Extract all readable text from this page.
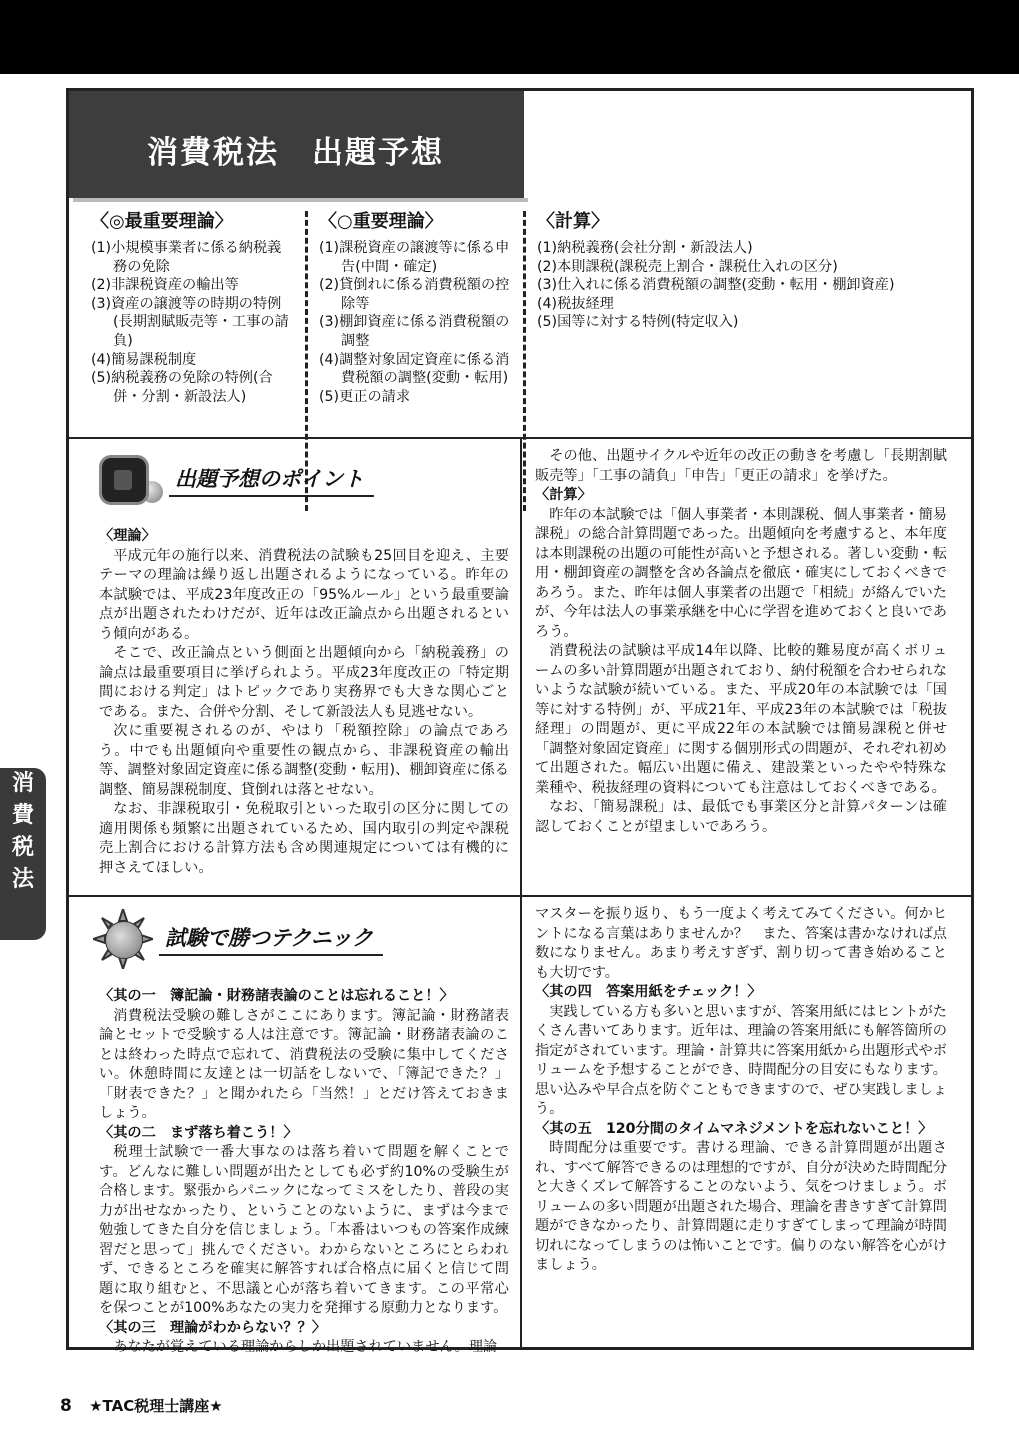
消費税法　出題予想
〈◎最重要理論〉
(1)小規模事業者に係る納税義務の免除
(2)非課税資産の輸出等
(3)資産の譲渡等の時期の特例(長期割賦販売等・工事の請負)
(4)簡易課税制度
(5)納税義務の免除の特例(合併・分割・新設法人)
〈○重要理論〉
(1)課税資産の譲渡等に係る申告(中間・確定)
(2)貸倒れに係る消費税額の控除等
(3)棚卸資産に係る消費税額の調整
(4)調整対象固定資産に係る消費税額の調整(変動・転用)
(5)更正の請求
〈計算〉
(1)納税義務(会社分割・新設法人)
(2)本則課税(課税売上割合・課税仕入れの区分)
(3)仕入れに係る消費税額の調整(変動・転用・棚卸資産)
(4)税抜経理
(5)国等に対する特例(特定収入)
出題予想のポイント

〈理論〉

平成元年の施行以来、消費税法の試験も25回目を迎え、主要テーマの理論は繰り返し出題されるようになっている。昨年の本試験では、平成23年度改正の「95%ルール」という最重要論点が出題されたわけだが、近年は改正論点から出題されるという傾向がある。

そこで、改正論点という側面と出題傾向から「納税義務」の論点は最重要項目に挙げられよう。平成23年度改正の「特定期間における判定」はトピックであり実務界でも大きな関心ごとである。また、合併や分割、そして新設法人も見逃せない。

次に重要視されるのが、やはり「税額控除」の論点であろう。中でも出題傾向や重要性の観点から、非課税資産の輸出等、調整対象固定資産に係る調整(変動・転用)、棚卸資産に係る調整、簡易課税制度、貸倒れは落とせない。

なお、非課税取引・免税取引といった取引の区分に関しての適用関係も頻繁に出題されているため、国内取引の判定や課税売上割合における計算方法も含め関連規定については有機的に押さえてほしい。

その他、出題サイクルや近年の改正の動きを考慮し「長期割賦販売等」「工事の請負」「申告」「更正の請求」を挙げた。

〈計算〉

昨年の本試験では「個人事業者・本則課税、個人事業者・簡易課税」の総合計算問題であった。出題傾向を考慮すると、本年度は本則課税の出題の可能性が高いと予想される。著しい変動・転用・棚卸資産の調整を含め各論点を徹底・確実にしておくべきであろう。また、昨年は個人事業者の出題で「相続」が絡んでいたが、今年は法人の事業承継を中心に学習を進めておくと良いであろう。

消費税法の試験は平成14年以降、比較的難易度が高くボリュームの多い計算問題が出題されており、納付税額を合わせられないような試験が続いている。また、平成20年の本試験では「国等に対する特例」が、平成21年、平成23年の本試験では「税抜経理」の問題が、更に平成22年の本試験では簡易課税と併せ「調整対象固定資産」に関する個別形式の問題が、それぞれ初めて出題された。幅広い出題に備え、建設業といったやや特殊な業種や、税抜経理の資料についても注意はしておくべきである。

なお、「簡易課税」は、最低でも事業区分と計算パターンは確認しておくことが望ましいであろう。

試験で勝つテクニック

〈其の一　簿記論・財務諸表論のことは忘れること！〉

消費税法受験の難しさがここにあります。簿記論・財務諸表論とセットで受験する人は注意です。簿記論・財務諸表論のことは終わった時点で忘れて、消費税法の受験に集中してください。休憩時間に友達とは一切話をしないで、「簿記できた？」「財表できた？」と聞かれたら「当然！」とだけ答えておきましょう。

〈其の二　まず落ち着こう！〉

税理士試験で一番大事なのは落ち着いて問題を解くことです。どんなに難しい問題が出たとしても必ず約10%の受験生が合格します。緊張からパニックになってミスをしたり、普段の実力が出せなかったり、ということのないように、まずは今まで勉強してきた自分を信じましょう。「本番はいつもの答案作成練習だと思って」挑んでください。わからないところにとらわれず、できるところを確実に解答すれば合格点に届くと信じて問題に取り組むと、不思議と心が落ち着いてきます。この平常心を保つことが100%あなたの実力を発揮する原動力となります。

〈其の三　理論がわからない？？〉

あなたが覚えている理論からしか出題されていません。理論

マスターを振り返り、もう一度よく考えてみてください。何かヒントになる言葉はありませんか？　また、答案は書かなければ点数になりません。あまり考えすぎず、割り切って書き始めることも大切です。

〈其の四　答案用紙をチェック！〉

実践している方も多いと思いますが、答案用紙にはヒントがたくさん書いてあります。近年は、理論の答案用紙にも解答箇所の指定がされています。理論・計算共に答案用紙から出題形式やボリュームを予想することができ、時間配分の目安にもなります。思い込みや早合点を防ぐこともできますので、ぜひ実践しましょう。

〈其の五　120分間のタイムマネジメントを忘れないこと！〉

時間配分は重要です。書ける理論、できる計算問題が出題され、すべて解答できるのは理想的ですが、自分が決めた時間配分と大きくズレて解答することのないよう、気をつけましょう。ボリュームの多い問題が出題された場合、理論を書きすぎて計算問題ができなかったり、計算問題に走りすぎてしまって理論が時間切れになってしまうのは怖いことです。偏りのない解答を心がけましょう。

消
費
税
法
8 ★TAC税理士講座★
